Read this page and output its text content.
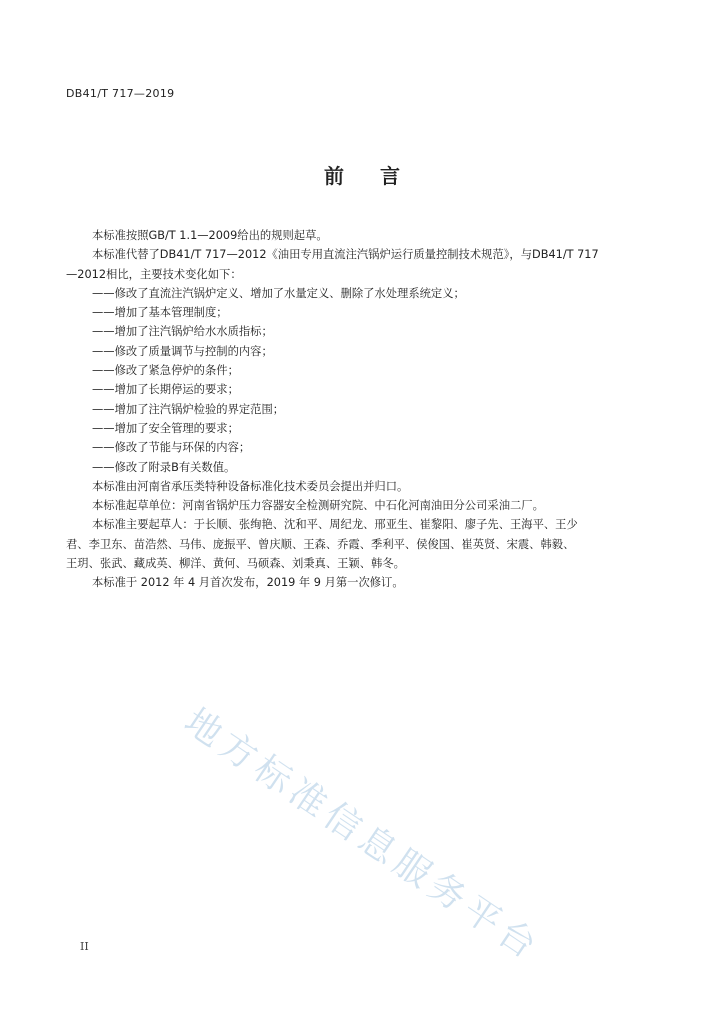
DB41/T 717—2019
前 言
本标准按照GB/T 1.1—2009给出的规则起草。
本标准代替了DB41/T 717—2012《油田专用直流注汽锅炉运行质量控制技术规范》，与DB41/T 717
—2012相比，主要技术变化如下：
——修改了直流注汽锅炉定义、增加了水量定义、删除了水处理系统定义；
——增加了基本管理制度；
——增加了注汽锅炉给水水质指标；
——修改了质量调节与控制的内容；
——修改了紧急停炉的条件；
——增加了长期停运的要求；
——增加了注汽锅炉检验的界定范围；
——增加了安全管理的要求；
——修改了节能与环保的内容；
——修改了附录B有关数值。
本标准由河南省承压类特种设备标准化技术委员会提出并归口。
本标准起草单位：河南省锅炉压力容器安全检测研究院、中石化河南油田分公司采油二厂。
本标准主要起草人：于长顺、张绚艳、沈和平、周纪龙、邢亚生、崔黎阳、廖子先、王海平、王少
君、李卫东、苗浩然、马伟、庞振平、曾庆顺、王森、乔霞、季利平、侯俊国、崔英贤、宋震、韩毅、
王玥、张武、藏成英、柳洋、黄何、马硕森、刘秉真、王颖、韩冬。
本标准于 2012 年 4 月首次发布，2019 年 9 月第一次修订。
地方标准信息服务平台
II
